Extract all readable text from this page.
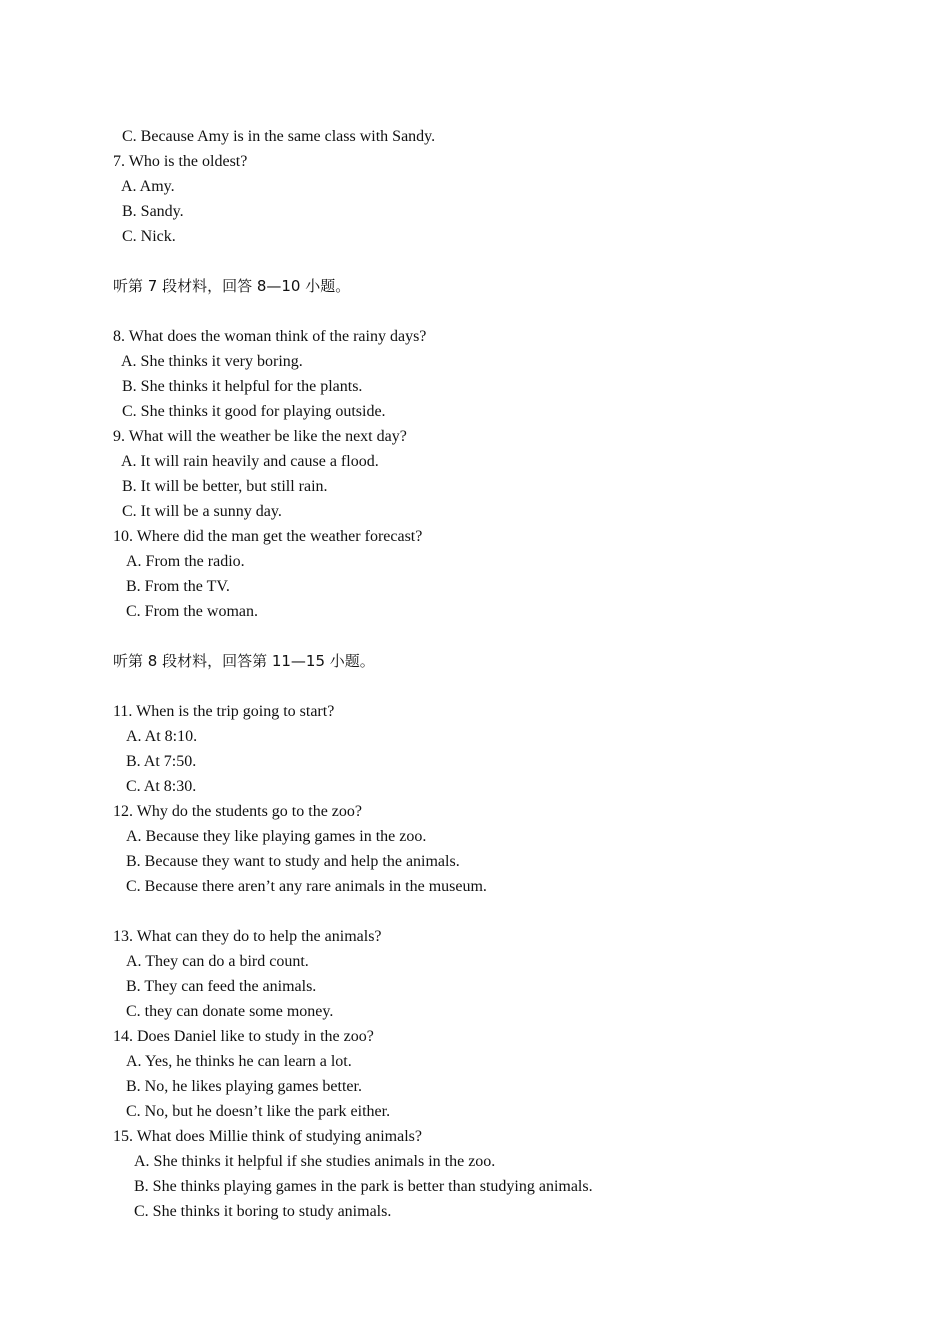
C. Because Amy is in the same class with Sandy.
7. Who is the oldest?
A. Amy.
B. Sandy.
C. Nick.
听第 7 段材料，回答 8—10 小题。
8. What does the woman think of the rainy days?
A. She thinks it very boring.
B. She thinks it helpful for the plants.
C. She thinks it good for playing outside.
9. What will the weather be like the next day?
A. It will rain heavily and cause a flood.
B. It will be better, but still rain.
C. It will be a sunny day.
10. Where did the man get the weather forecast?
A. From the radio.
B. From the TV.
C. From the woman.
听第 8 段材料，回答第 11—15 小题。
11. When is the trip going to start?
A. At 8:10.
B. At 7:50.
C. At 8:30.
12. Why do the students go to the zoo?
A. Because they like playing games in the zoo.
B. Because they want to study and help the animals.
C. Because there aren’t any rare animals in the museum.
13. What can they do to help the animals?
A. They can do a bird count.
B. They can feed the animals.
C. they can donate some money.
14. Does Daniel like to study in the zoo?
A. Yes, he thinks he can learn a lot.
B. No, he likes playing games better.
C. No, but he doesn’t like the park either.
15. What does Millie think of studying animals?
A. She thinks it helpful if she studies animals in the zoo.
B. She thinks playing games in the park is better than studying animals.
C. She thinks it boring to study animals.
